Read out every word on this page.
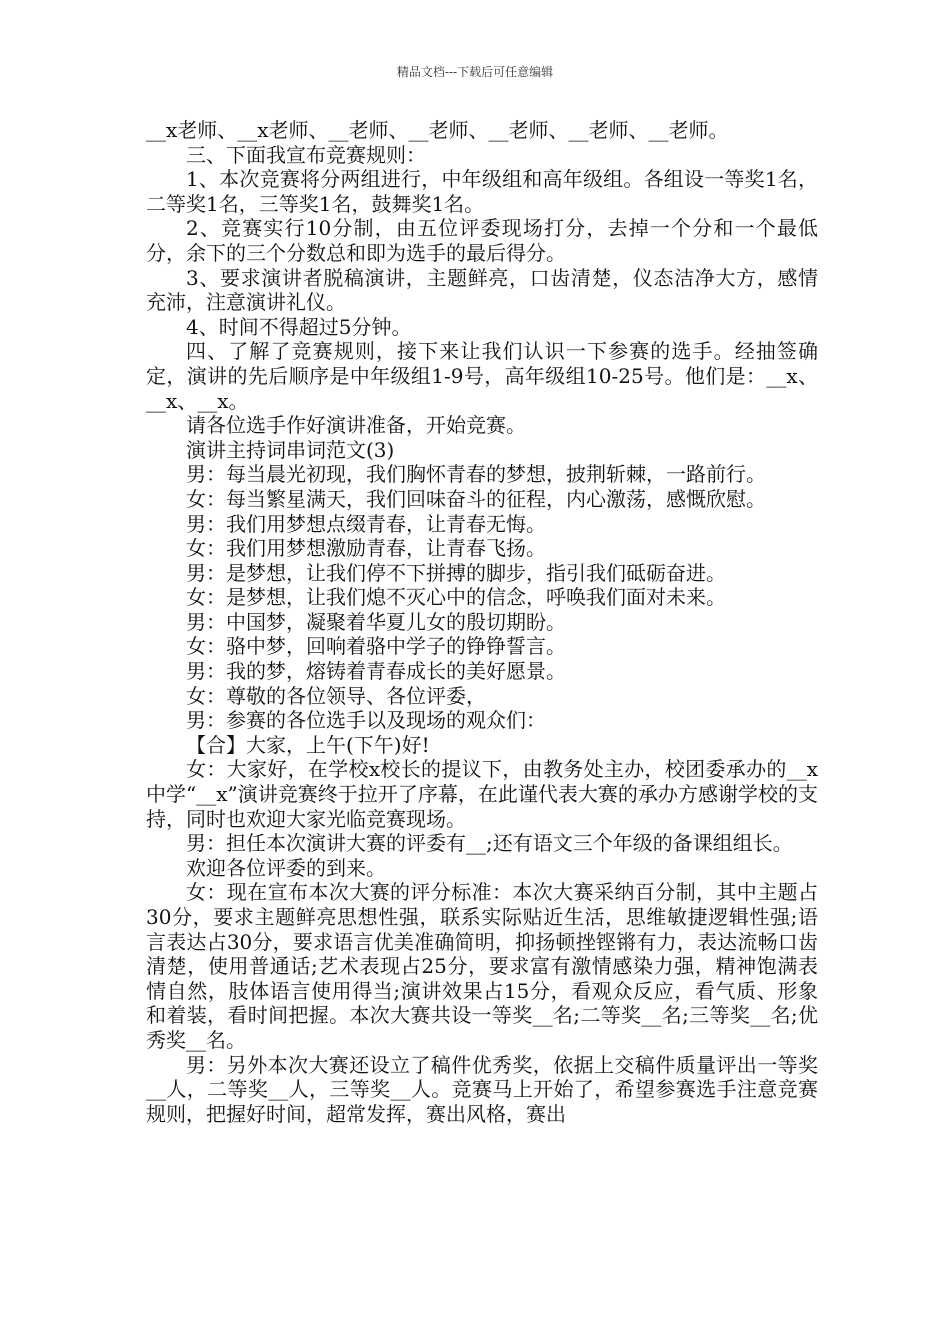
精品文档---下载后可任意编辑

__x老师、__x老师、__老师、__老师、__老师、__老师、__老师。

三、下面我宣布竞赛规则：

1、本次竞赛将分两组进行，中年级组和高年级组。各组设一等奖1名，二等奖1名，三等奖1名，鼓舞奖1名。

2、竞赛实行10分制，由五位评委现场打分，去掉一个分和一个最低分，余下的三个分数总和即为选手的最后得分。

3、要求演讲者脱稿演讲，主题鲜亮，口齿清楚，仪态洁净大方，感情充沛，注意演讲礼仪。

4、时间不得超过5分钟。

四、了解了竞赛规则，接下来让我们认识一下参赛的选手。经抽签确定，演讲的先后顺序是中年级组1-9号，高年级组10-25号。他们是：__x、__x、__x。

请各位选手作好演讲准备，开始竞赛。

演讲主持词串词范文(3)

男：每当晨光初现，我们胸怀青春的梦想，披荆斩棘，一路前行。

女：每当繁星满天，我们回味奋斗的征程，内心激荡，感慨欣慰。

男：我们用梦想点缀青春，让青春无悔。

女：我们用梦想激励青春，让青春飞扬。

男：是梦想，让我们停不下拼搏的脚步，指引我们砥砺奋进。

女：是梦想，让我们熄不灭心中的信念，呼唤我们面对未来。

男：中国梦，凝聚着华夏儿女的殷切期盼。

女：骆中梦，回响着骆中学子的铮铮誓言。

男：我的梦，熔铸着青春成长的美好愿景。

女：尊敬的各位领导、各位评委，

男：参赛的各位选手以及现场的观众们：

【合】大家，上午(下午)好!

女：大家好，在学校x校长的提议下，由教务处主办，校团委承办的__x中学“__x”演讲竞赛终于拉开了序幕，在此谨代表大赛的承办方感谢学校的支持，同时也欢迎大家光临竞赛现场。

男：担任本次演讲大赛的评委有__;还有语文三个年级的备课组组长。

欢迎各位评委的到来。

女：现在宣布本次大赛的评分标准：本次大赛采纳百分制，其中主题占30分，要求主题鲜亮思想性强，联系实际贴近生活，思维敏捷逻辑性强;语言表达占30分，要求语言优美准确简明，抑扬顿挫铿锵有力，表达流畅口齿清楚，使用普通话;艺术表现占25分，要求富有激情感染力强，精神饱满表情自然，肢体语言使用得当;演讲效果占15分，看观众反应，看气质、形象和着装，看时间把握。本次大赛共设一等奖__名;二等奖__名;三等奖__名;优秀奖__名。

男：另外本次大赛还设立了稿件优秀奖，依据上交稿件质量评出一等奖__人，二等奖__人，三等奖__人。竞赛马上开始了，希望参赛选手注意竞赛规则，把握好时间，超常发挥，赛出风格，赛出
